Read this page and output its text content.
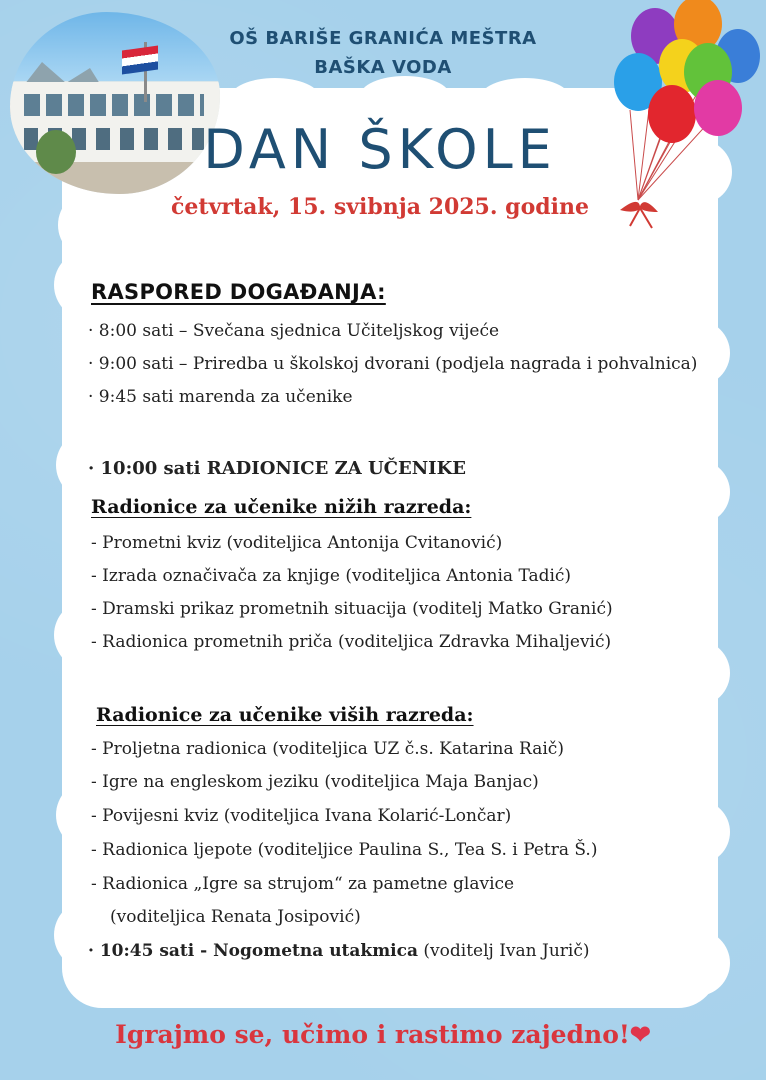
OŠ BARIŠE GRANIĆA MEŠTRA
BAŠKA VODA
DAN ŠKOLE
četvrtak, 15. svibnja 2025. godine
RASPORED DOGAĐANJA:
· 8:00 sati – Svečana sjednica Učiteljskog vijeće
· 9:00 sati – Priredba u školskoj dvorani (podjela nagrada i pohvalnica)
· 9:45 sati marenda za učenike
· 10:00 sati RADIONICE ZA UČENIKE
Radionice za učenike nižih razreda:
- Prometni kviz (voditeljica Antonija Cvitanović)
- Izrada označivača za knjige (voditeljica Antonia Tadić)
- Dramski prikaz prometnih situacija (voditelj Matko Granić)
- Radionica prometnih priča (voditeljica Zdravka Mihaljević)
Radionice za učenike viših razreda:
- Proljetna radionica (voditeljica UZ č.s. Katarina Raič)
- Igre na engleskom jeziku (voditeljica Maja Banjac)
- Povijesni kviz (voditeljica Ivana Kolarić-Lončar)
- Radionica ljepote (voditeljice Paulina S., Tea S. i Petra Š.)
- Radionica „Igre sa strujom“ za pametne glavice
(voditeljica Renata Josipović)
· 10:45 sati - Nogometna utakmica (voditelj Ivan Jurič)
Igrajmo se, učimo i rastimo zajedno!❤
